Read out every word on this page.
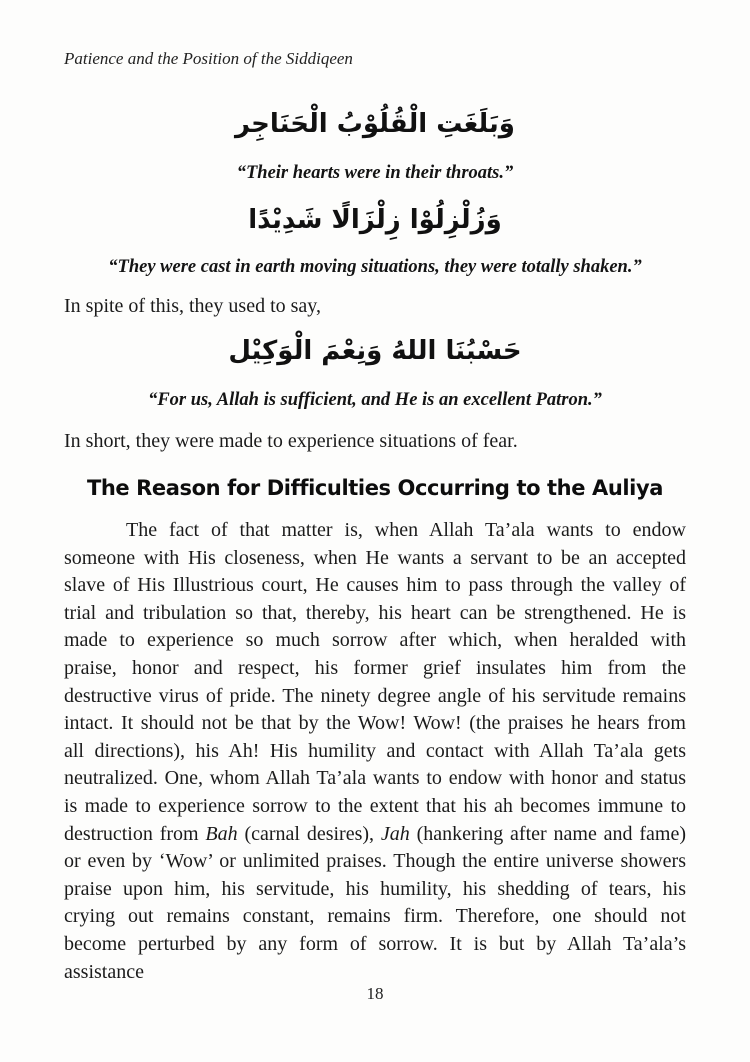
Patience and the Position of the Siddiqeen
وَبَلَغَتِ الْقُلُوْبُ الْحَنَاجِر
“Their hearts were in their throats.”
وَزُلْزِلُوْا زِلْزَالًا شَدِيْدًا
“They were cast in earth moving situations, they were totally shaken.”
In spite of this, they used to say,
حَسْبُنَا اللهُ وَنِعْمَ الْوَكِيْل
“For us, Allah is sufficient, and He is an excellent Patron.”
In short, they were made to experience situations of fear.
The Reason for Difficulties Occurring to the Auliya

The fact of that matter is, when Allah Ta’ala wants to endow someone with His closeness, when He wants a servant to be an accepted slave of His Illustrious court, He causes him to pass through the valley of trial and tribulation so that, thereby, his heart can be strengthened. He is made to experience so much sorrow after which, when heralded with praise, honor and respect, his former grief insulates him from the destructive virus of pride. The ninety degree angle of his servitude remains intact. It should not be that by the Wow! Wow! (the praises he hears from all directions), his Ah! His humility and contact with Allah Ta’ala gets neutralized. One, whom Allah Ta’ala wants to endow with honor and status is made to experience sorrow to the extent that his ah becomes immune to destruction from Bah (carnal desires), Jah (hankering after name and fame) or even by ‘Wow’ or unlimited praises. Though the entire universe showers praise upon him, his servitude, his humility, his shedding of tears, his crying out remains constant, remains firm. Therefore, one should not become perturbed by any form of sorrow. It is but by Allah Ta’ala’s assistance

18
